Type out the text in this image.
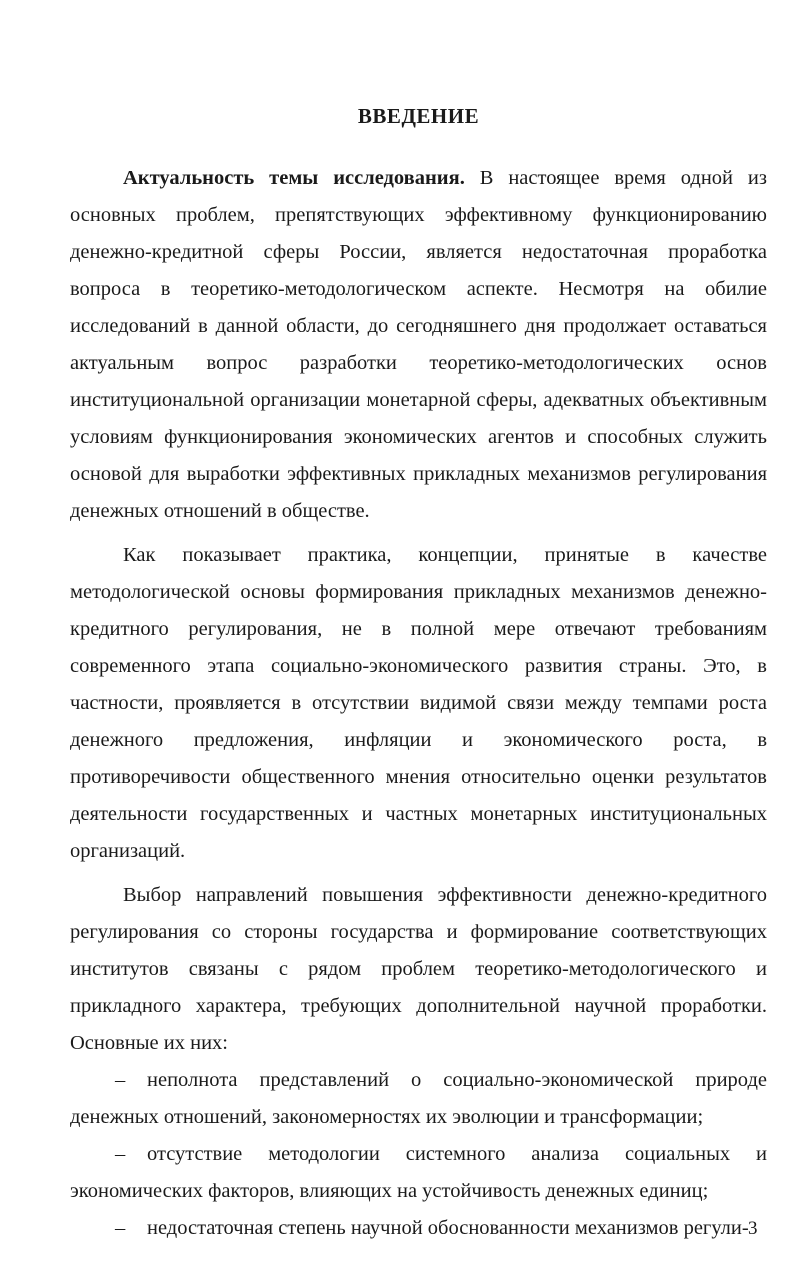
ВВЕДЕНИЕ

Актуальность темы исследования. В настоящее время одной из основных проблем, препятствующих эффективному функционированию денежно-кредитной сферы России, является недостаточная проработка вопроса в теоретико-методологическом аспекте. Несмотря на обилие исследований в данной области, до сегодняшнего дня продолжает оставаться актуальным вопрос разработки теоретико-методологических основ институциональной организации монетарной сферы, адекватных объективным условиям функционирования экономических агентов и способных служить основой для выработки эффективных прикладных механизмов регулирования денежных отношений в обществе.

Как показывает практика, концепции, принятые в качестве методологической основы формирования прикладных механизмов денежно-кредитного регулирования, не в полной мере отвечают требованиям современного этапа социально-экономического развития страны. Это, в частности, проявляется в отсутствии видимой связи между темпами роста денежного предложения, инфляции и экономического роста, в противоречивости общественного мнения относительно оценки результатов деятельности государственных и частных монетарных институциональных организаций.

Выбор направлений повышения эффективности денежно-кредитного регулирования со стороны государства и формирование соответствующих институтов связаны с рядом проблем теоретико-методологического и прикладного характера, требующих дополнительной научной проработки. Основные их них:

– неполнота представлений о социально-экономической природе денежных отношений, закономерностях их эволюции и трансформации;

– отсутствие методологии системного анализа социальных и экономических факторов, влияющих на устойчивость денежных единиц;

– недостаточная степень научной обоснованности механизмов регули- 3
